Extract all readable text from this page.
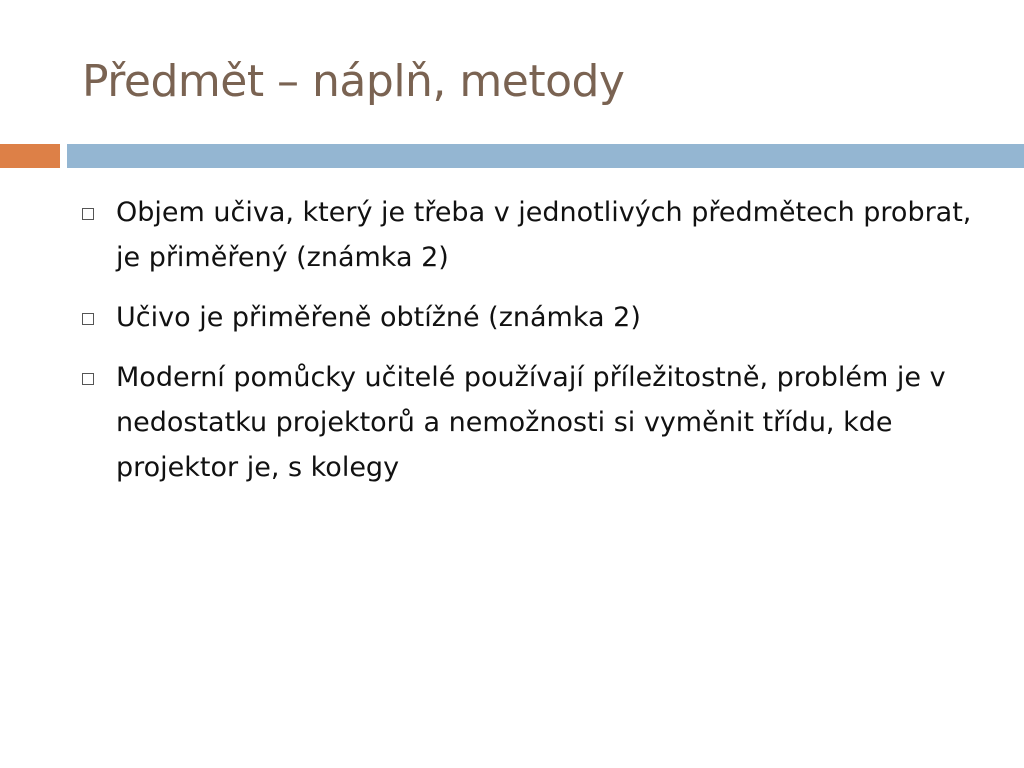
Předmět – náplň, metody
Objem učiva, který je třeba v jednotlivých předmětech probrat, je přiměřený (známka 2)
Učivo je přiměřeně obtížné (známka 2)
Moderní pomůcky učitelé používají příležitostně, problém je v nedostatku projektorů a nemožnosti si vyměnit třídu, kde projektor je, s kolegy
